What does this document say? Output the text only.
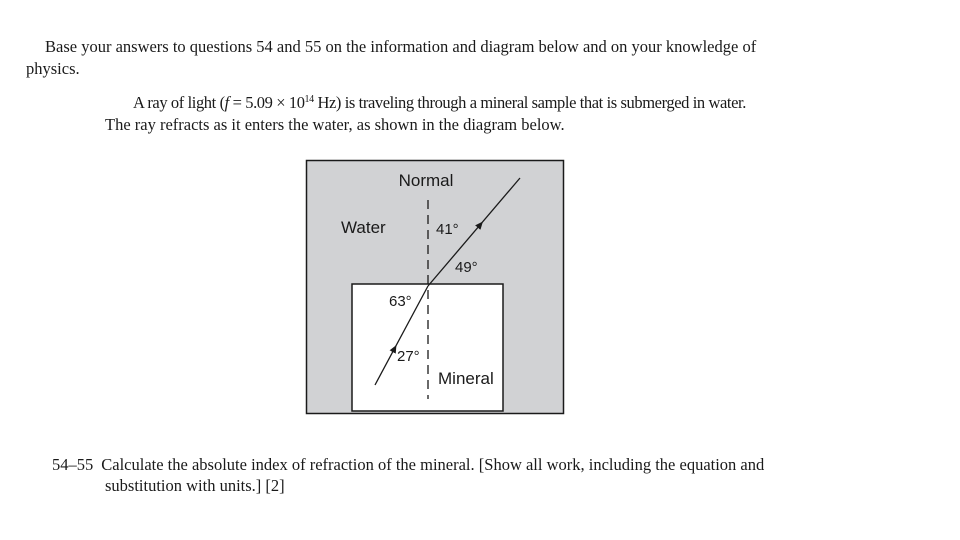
Base your answers to questions 54 and 55 on the information and diagram below and on your knowledge of
physics.
A ray of light ($f = 5.09 \times 10^{14}$ Hz) is traveling through a mineral sample that is submerged in water.
The ray refracts as it enters the water, as shown in the diagram below.
Normal
Water	41°
49°
63°
27°
Mineral
54–55 Calculate the absolute index of refraction of the mineral. [Show all work, including the equation and
substitution with units.] [2]
